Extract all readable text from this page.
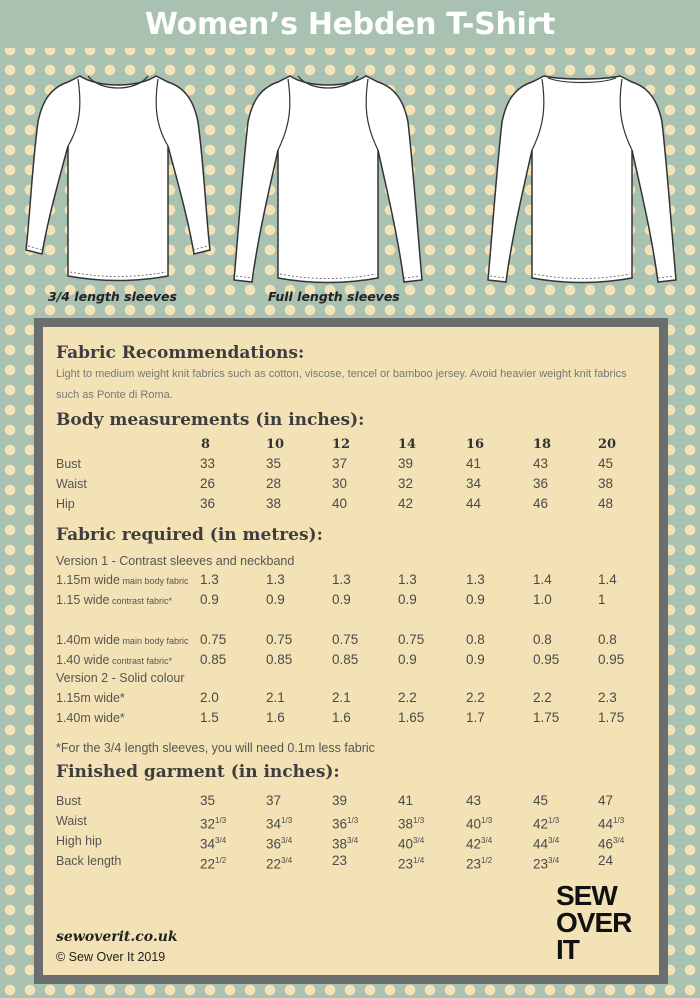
Women’s Hebden T-Shirt
3/4 length sleeves	Full length sleeves
Fabric Recommendations:
Light to medium weight knit fabrics such as cotton, viscose, tencel or bamboo jersey. Avoid heavier weight knit fabrics such as Ponte di Roma.
Body measurements (in inches):
8	10	12	14	16	18	20
Bust	33	35	37	39	41	43	45
Waist	26	28	30	32	34	36	38
Hip	36	38	40	42	44	46	48
Fabric required (in metres):
Version 1 - Contrast sleeves and neckband
1.15m wide main body fabric 1.3	1.3	1.3	1.3	1.3	1.4	1.4
1.15 wide contrast fabric* 0.9	0.9	0.9	0.9	0.9	1.0	1
1.40m wide main body fabric 0.75	0.75	0.75	0.75	0.8	0.8	0.8
1.40 wide contrast fabric* 0.85	0.85	0.85	0.9	0.9	0.95	0.95
Version 2 - Solid colour
1.15m wide*	2.0	2.1	2.1	2.2	2.2	2.2	2.3
1.40m wide*	1.5	1.6	1.6	1.65	1.7	1.75	1.75
*For the 3/4 length sleeves, you will need 0.1m less fabric
Finished garment (in inches):
Bust	35	37	39	41	43	45	47
Waist	$32^{1/3}$	$34^{1/3}$	$36^{1/3}$	$38^{1/3}$	$40^{1/3}$	$42^{1/3}$	$44^{1/3}$
High hip	$34^{3/4}$	$36^{3/4}$	$38^{3/4}$	$40^{3/4}$	$42^{3/4}$	$44^{3/4}$	$46^{3/4}$
Back length	$22^{1/2}$	$22^{3/4}$	23	$23^{1/4}$	$23^{1/2}$	$23^{3/4}$	24
sewoverit.co.uk
© Sew Over It 2019
SEW
OVER
IT
